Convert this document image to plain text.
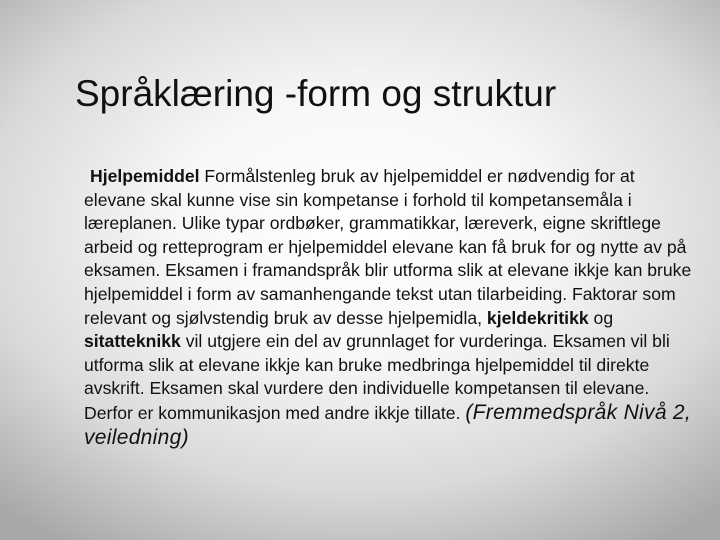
Språklæring -form og struktur

Hjelpemiddel Formålstenleg bruk av hjelpemiddel er nødvendig for at elevane skal kunne vise sin kompetanse i forhold til kompetansemåla i læreplanen. Ulike typar ordbøker, grammatikkar, læreverk, eigne skriftlege arbeid og retteprogram er hjelpemiddel elevane kan få bruk for og nytte av på eksamen. Eksamen i framandspråk blir utforma slik at elevane ikkje kan bruke hjelpemiddel i form av samanhengande tekst utan tilarbeiding. Faktorar som relevant og sjølvstendig bruk av desse hjelpemidla, kjeldekritikk og sitatteknikk vil utgjere ein del av grunnlaget for vurderinga. Eksamen vil bli utforma slik at elevane ikkje kan bruke medbringa hjelpemiddel til direkte avskrift. Eksamen skal vurdere den individuelle kompetansen til elevane. Derfor er kommunikasjon med andre ikkje tillate. (Fremmedspråk Nivå 2, veiledning)
